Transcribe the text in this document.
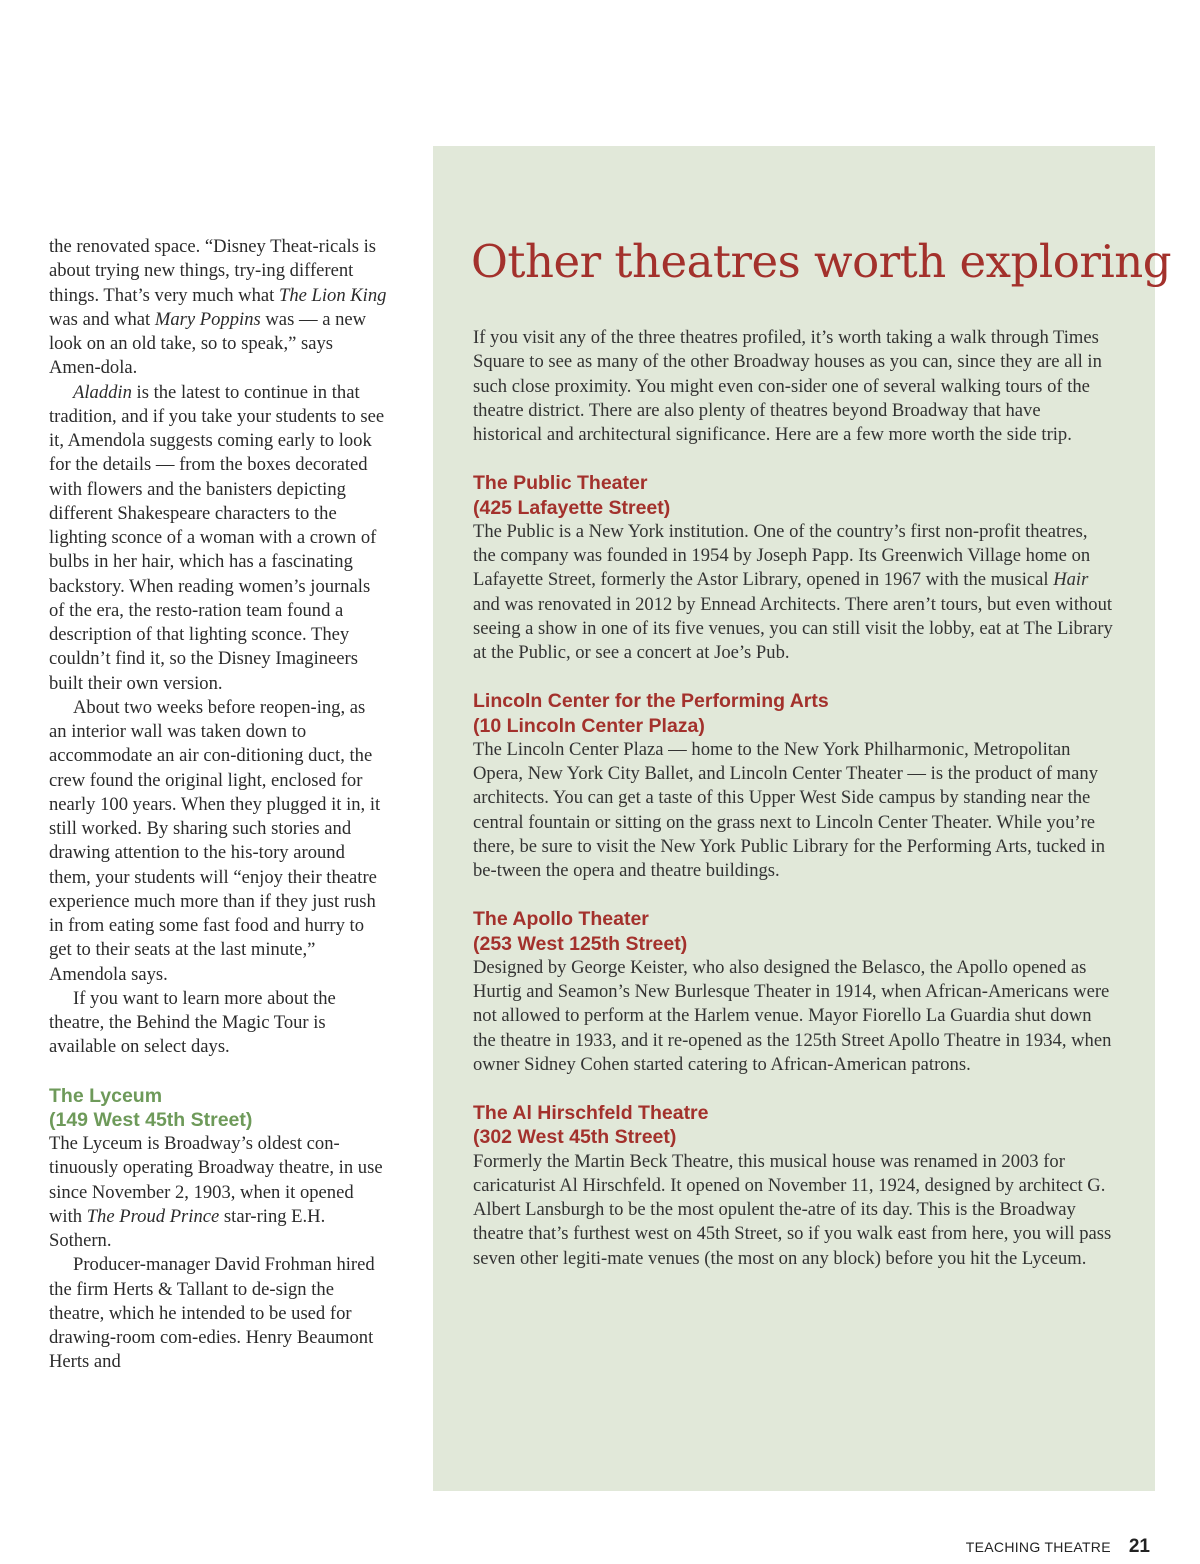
the renovated space. “Disney Theat-ricals is about trying new things, try-ing different things. That’s very much what The Lion King was and what Mary Poppins was — a new look on an old take, so to speak,” says Amen-dola.

Aladdin is the latest to continue in that tradition, and if you take your students to see it, Amendola suggests coming early to look for the details — from the boxes decorated with flowers and the banisters depicting different Shakespeare characters to the lighting sconce of a woman with a crown of bulbs in her hair, which has a fascinating backstory. When reading women’s journals of the era, the resto-ration team found a description of that lighting sconce. They couldn’t find it, so the Disney Imagineers built their own version.

About two weeks before reopen-ing, as an interior wall was taken down to accommodate an air con-ditioning duct, the crew found the original light, enclosed for nearly 100 years. When they plugged it in, it still worked. By sharing such stories and drawing attention to the his-tory around them, your students will “enjoy their theatre experience much more than if they just rush in from eating some fast food and hurry to get to their seats at the last minute,” Amendola says.

If you want to learn more about the theatre, the Behind the Magic Tour is available on select days.

The Lyceum
(149 West 45th Street)

The Lyceum is Broadway’s oldest con-tinuously operating Broadway theatre, in use since November 2, 1903, when it opened with The Proud Prince star-ring E.H. Sothern.

Producer-manager David Frohman hired the firm Herts & Tallant to de-sign the theatre, which he intended to be used for drawing-room com-edies. Henry Beaumont Herts and

Other theatres worth exploring

If you visit any of the three theatres profiled, it’s worth taking a walk through Times Square to see as many of the other Broadway houses as you can, since they are all in such close proximity. You might even con-sider one of several walking tours of the theatre district. There are also plenty of theatres beyond Broadway that have historical and architectural significance. Here are a few more worth the side trip.

The Public Theater
(425 Lafayette Street)

The Public is a New York institution. One of the country’s first non-profit theatres, the company was founded in 1954 by Joseph Papp. Its Greenwich Village home on Lafayette Street, formerly the Astor Library, opened in 1967 with the musical Hair and was renovated in 2012 by Ennead Architects. There aren’t tours, but even without seeing a show in one of its five venues, you can still visit the lobby, eat at The Library at the Public, or see a concert at Joe’s Pub.

Lincoln Center for the Performing Arts
(10 Lincoln Center Plaza)

The Lincoln Center Plaza — home to the New York Philharmonic, Metropolitan Opera, New York City Ballet, and Lincoln Center Theater — is the product of many architects. You can get a taste of this Upper West Side campus by standing near the central fountain or sitting on the grass next to Lincoln Center Theater. While you’re there, be sure to visit the New York Public Library for the Performing Arts, tucked in be-tween the opera and theatre buildings.

The Apollo Theater
(253 West 125th Street)

Designed by George Keister, who also designed the Belasco, the Apollo opened as Hurtig and Seamon’s New Burlesque Theater in 1914, when African-Americans were not allowed to perform at the Harlem venue. Mayor Fiorello La Guardia shut down the theatre in 1933, and it re-opened as the 125th Street Apollo Theatre in 1934, when owner Sidney Cohen started catering to African-American patrons.

The Al Hirschfeld Theatre
(302 West 45th Street)

Formerly the Martin Beck Theatre, this musical house was renamed in 2003 for caricaturist Al Hirschfeld. It opened on November 11, 1924, designed by architect G. Albert Lansburgh to be the most opulent the-atre of its day. This is the Broadway theatre that’s furthest west on 45th Street, so if you walk east from here, you will pass seven other legiti-mate venues (the most on any block) before you hit the Lyceum.

TEACHING THEATRE 21
